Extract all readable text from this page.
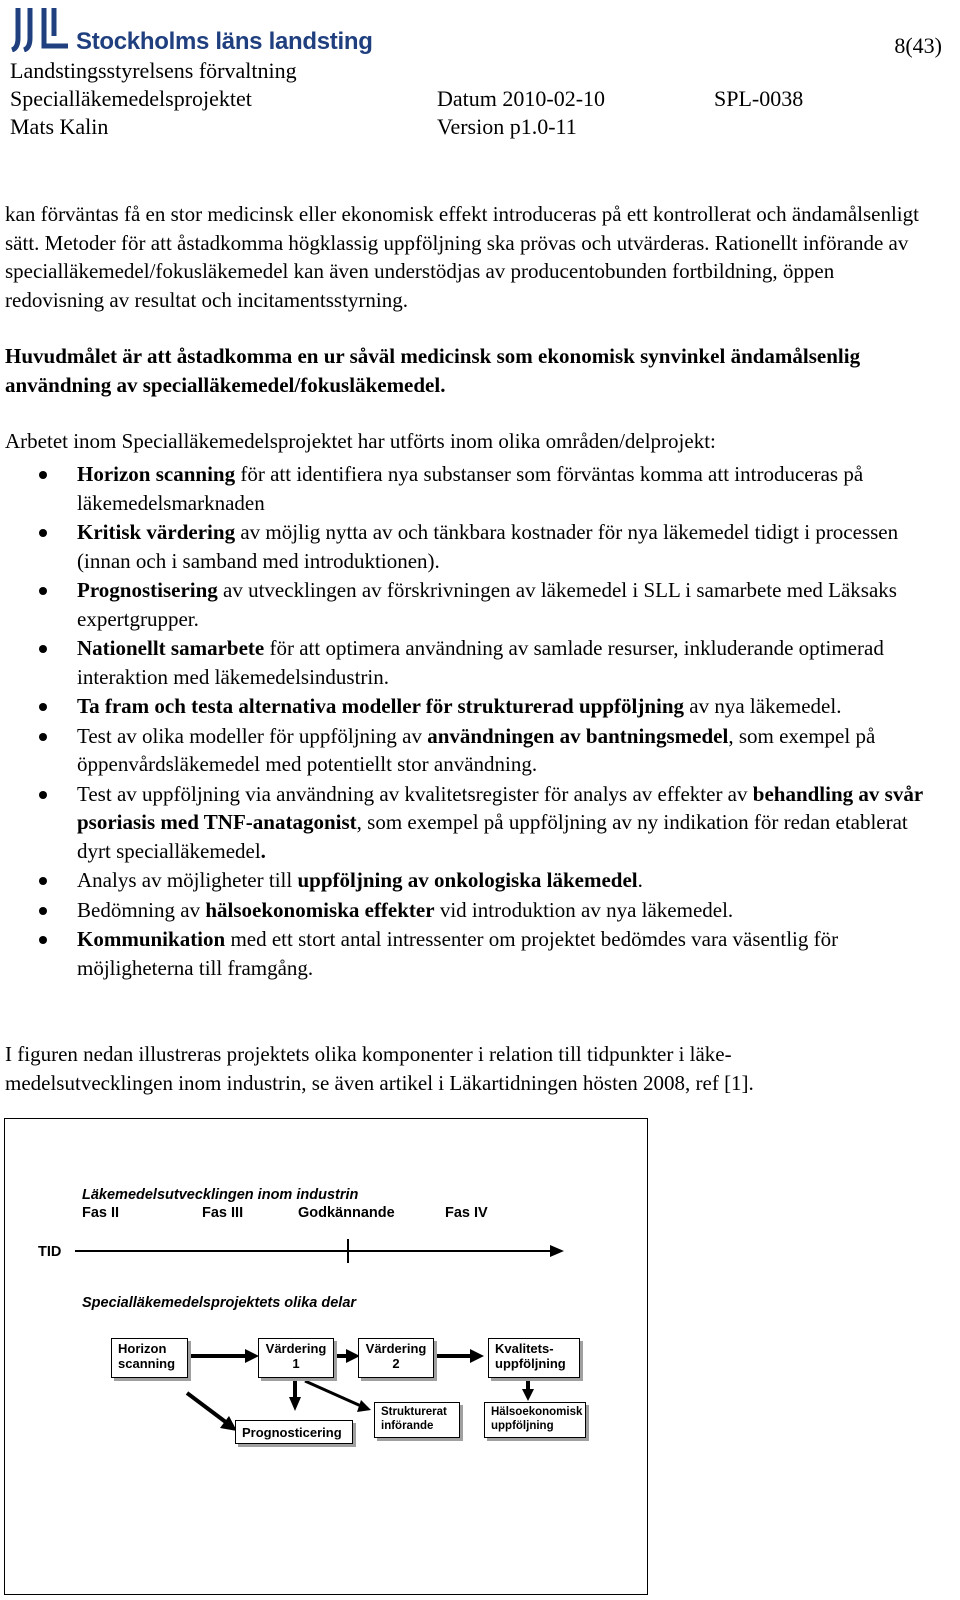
Stockholms läns landsting	8(43)
Landstingsstyrelsens förvaltning
Specialläkemedelsprojektet	Datum 2010-02-10	SPL-0038
Mats Kalin	Version p1.0-11
kan förväntas få en stor medicinsk eller ekonomisk effekt introduceras på ett kontrollerat och ändamålsenligt sätt. Metoder för att åstadkomma högklassig uppföljning ska prövas och utvärderas. Rationellt införande av specialläkemedel/fokusläkemedel kan även understödjas av producentobunden fortbildning, öppen redovisning av resultat och incitamentsstyrning.
Huvudmålet är att åstadkomma en ur såväl medicinsk som ekonomisk synvinkel ändamålsenlig användning av specialläkemedel/fokusläkemedel.
Arbetet inom Specialläkemedelsprojektet har utförts inom olika områden/delprojekt:
Horizon scanning för att identifiera nya substanser som förväntas komma att introduceras på läkemedelsmarknaden
Kritisk värdering av möjlig nytta av och tänkbara kostnader för nya läkemedel tidigt i processen (innan och i samband med introduktionen).
Prognostisering av utvecklingen av förskrivningen av läkemedel i SLL i samarbete med Läksaks expertgrupper.
Nationellt samarbete för att optimera användning av samlade resurser, inkluderande optimerad interaktion med läkemedelsindustrin.
Ta fram och testa alternativa modeller för strukturerad uppföljning av nya läkemedel.
Test av olika modeller för uppföljning av användningen av bantningsmedel, som exempel på öppenvårdsläkemedel med potentiellt stor användning.
Test av uppföljning via användning av kvalitetsregister för analys av effekter av behandling av svår psoriasis med TNF-anatagonist, som exempel på uppföljning av ny indikation för redan etablerat dyrt specialläkemedel.
Analys av möjligheter till uppföljning av onkologiska läkemedel.
Bedömning av hälsoekonomiska effekter vid introduktion av nya läkemedel.
Kommunikation med ett stort antal intressenter om projektet bedömdes vara väsentlig för möjligheterna till framgång.
I figuren nedan illustreras projektets olika komponenter i relation till tidpunkter i läke-medelsutvecklingen inom industrin, se även artikel i Läkartidningen hösten 2008, ref [1].
Läkemedelsutvecklingen inom industrin
Fas II	Fas III	Godkännande	Fas IV
TID
Specialläkemedelsprojektets olika delar
Horizon
scanning
Värdering
1
Värdering
2
Kvalitets-
uppföljning
Prognosticering
Strukturerat
införande
Hälsoekonomisk
uppföljning
